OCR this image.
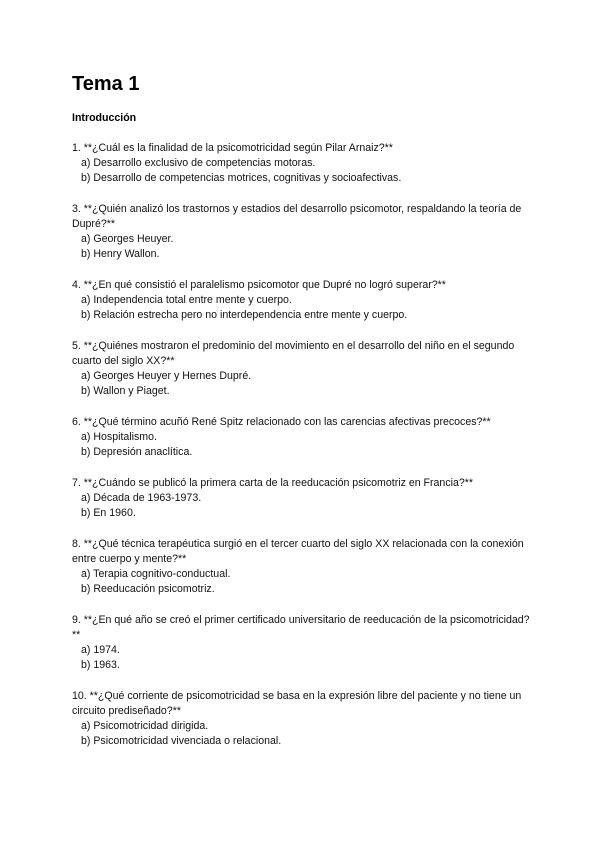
Tema 1
Introducción

1. **¿Cuál es la finalidad de la psicomotricidad según Pilar Arnaiz?**

a) Desarrollo exclusivo de competencias motoras.

b) Desarrollo de competencias motrices, cognitivas y socioafectivas.

3. **¿Quién analizó los trastornos y estadios del desarrollo psicomotor, respaldando la teoría de Dupré?**

a) Georges Heuyer.

b) Henry Wallon.

4. **¿En qué consistió el paralelismo psicomotor que Dupré no logró superar?**

a) Independencia total entre mente y cuerpo.

b) Relación estrecha pero no interdependencia entre mente y cuerpo.

5. **¿Quiénes mostraron el predominio del movimiento en el desarrollo del niño en el segundo cuarto del siglo XX?**

a) Georges Heuyer y Hernes Dupré.

b) Wallon y Piaget.

6. **¿Qué término acuñó René Spitz relacionado con las carencias afectivas precoces?**

a) Hospitalismo.

b) Depresión anaclítica.

7. **¿Cuándo se publicó la primera carta de la reeducación psicomotriz en Francia?**

a) Década de 1963-1973.

b) En 1960.

8. **¿Qué técnica terapéutica surgió en el tercer cuarto del siglo XX relacionada con la conexión entre cuerpo y mente?**

a) Terapia cognitivo-conductual.

b) Reeducación psicomotriz.

9. **¿En qué año se creó el primer certificado universitario de reeducación de la psicomotricidad?**

a) 1974.

b) 1963.

10. **¿Qué corriente de psicomotricidad se basa en la expresión libre del paciente y no tiene un circuito prediseñado?**

a) Psicomotricidad dirigida.

b) Psicomotricidad vivenciada o relacional.
